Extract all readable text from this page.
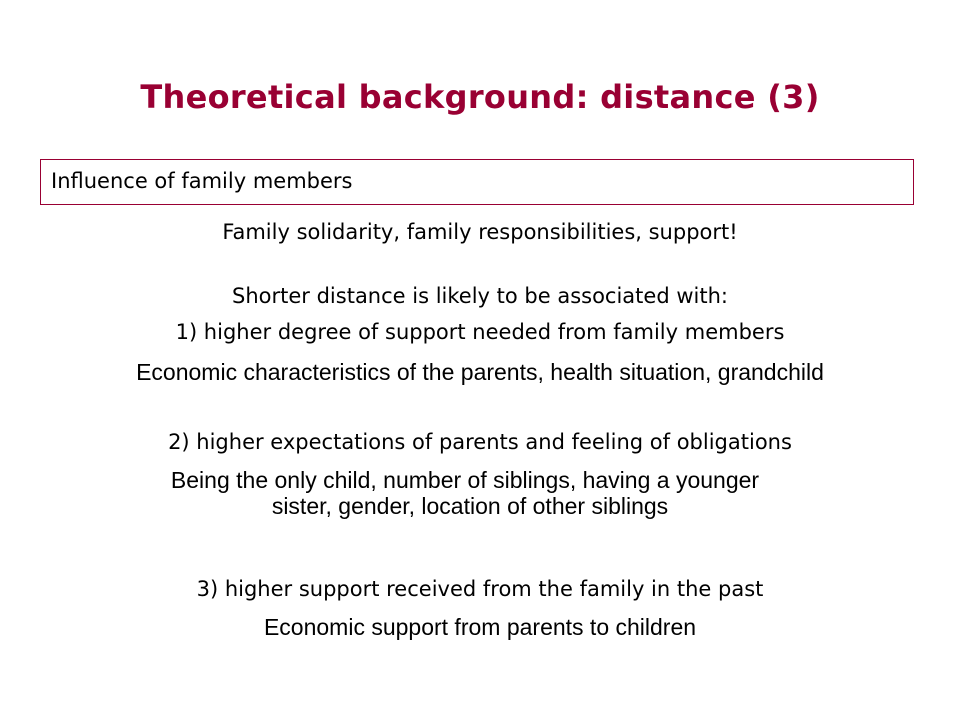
Theoretical background: distance (3)
Influence of family members
Family solidarity, family responsibilities, support!
Shorter distance is likely to be associated with:
1) higher degree of support needed from family members
Economic characteristics of the parents, health situation, grandchild
2) higher expectations of parents and feeling of obligations
Being the only child, number of siblings, having a younger
sister, gender, location of other siblings
3) higher support received from the family in the past
Economic support from parents to children
